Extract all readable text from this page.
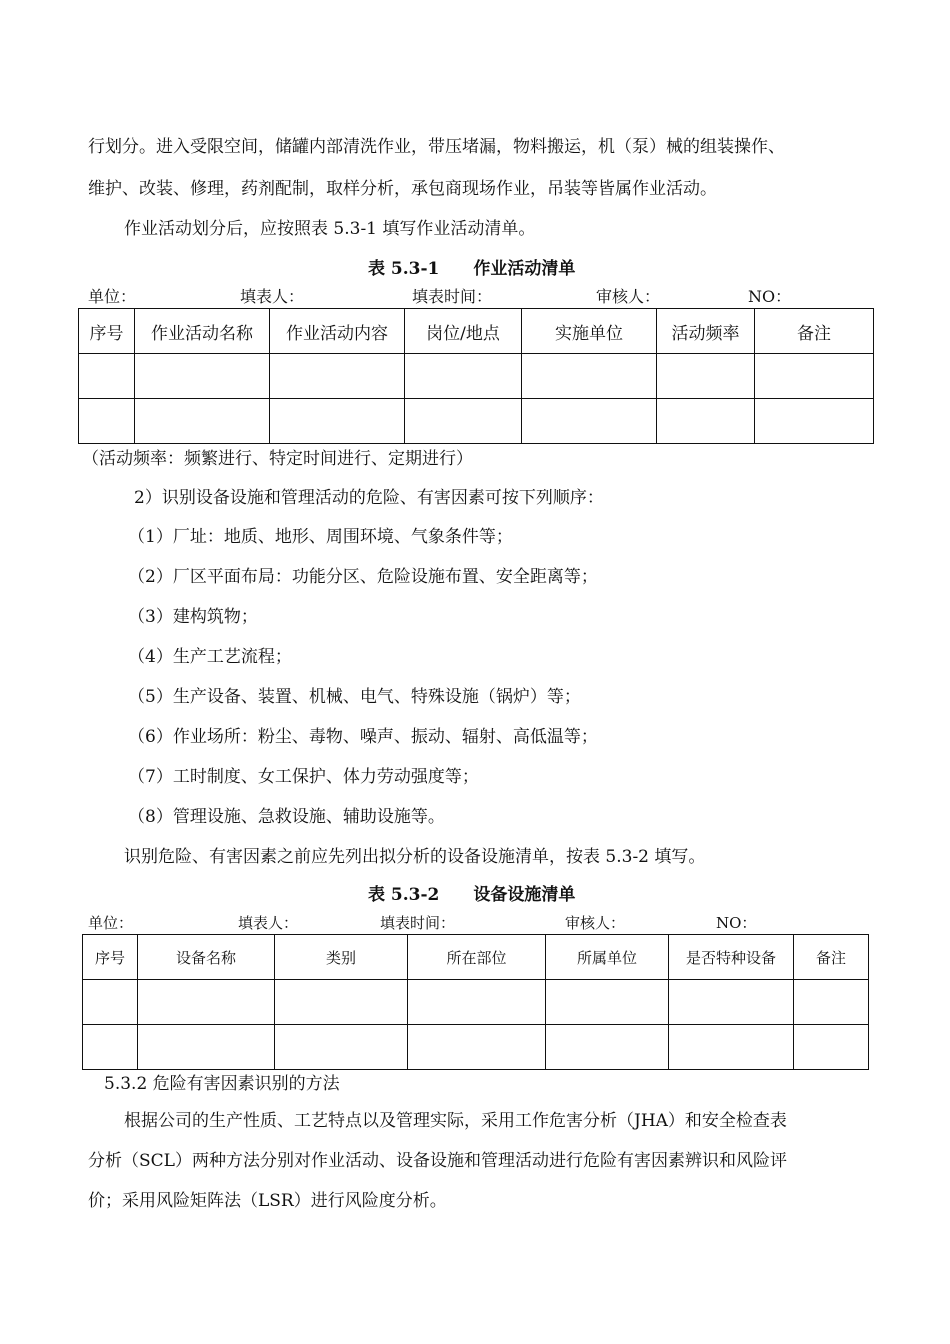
行划分。进入受限空间，储罐内部清洗作业，带压堵漏，物料搬运，机（泵）械的组装操作、
维护、改装、修理，药剂配制，取样分析，承包商现场作业，吊装等皆属作业活动。
作业活动划分后，应按照表 5.3-1 填写作业活动清单。
表 5.3-1　　作业活动清单
单位：	填表人：	填表时间：	审核人：	NO：
序号	作业活动名称	作业活动内容	岗位/地点	实施单位	活动频率	备注

（活动频率：频繁进行、特定时间进行、定期进行）
2）识别设备设施和管理活动的危险、有害因素可按下列顺序：
（1）厂址：地质、地形、周围环境、气象条件等；
（2）厂区平面布局：功能分区、危险设施布置、安全距离等；
（3）建构筑物；
（4）生产工艺流程；
（5）生产设备、装置、机械、电气、特殊设施（锅炉）等；
（6）作业场所：粉尘、毒物、噪声、振动、辐射、高低温等；
（7）工时制度、女工保护、体力劳动强度等；
（8）管理设施、急救设施、辅助设施等。
识别危险、有害因素之前应先列出拟分析的设备设施清单，按表 5.3-2 填写。
表 5.3-2　　设备设施清单
单位：	填表人：	填表时间：	审核人：	NO：
序号	设备名称	类别	所在部位	所属单位	是否特种设备	备注

5.3.2 危险有害因素识别的方法
根据公司的生产性质、工艺特点以及管理实际，采用工作危害分析（JHA）和安全检查表
分析（SCL）两种方法分别对作业活动、设备设施和管理活动进行危险有害因素辨识和风险评
价；采用风险矩阵法（LSR）进行风险度分析。
